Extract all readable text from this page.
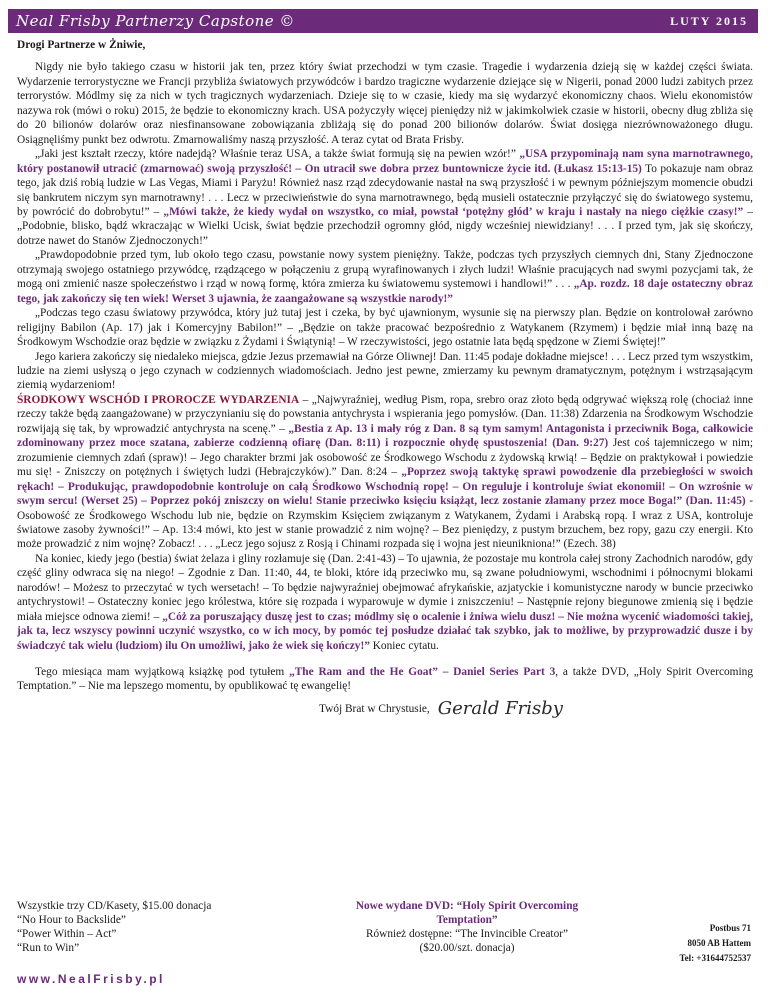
Neal Frisby Partnerzy Capstone ©	LUTY 2015

Drogi Partnerze w Żniwie,

Nigdy nie było takiego czasu w historii jak ten, przez który świat przechodzi w tym czasie. Tragedie i wydarzenia dzieją się w każdej części świata. Wydarzenie terrorystyczne we Francji przybliża światowych przywódców i bardzo tragiczne wydarzenie dziejące się w Nigerii, ponad 2000 ludzi zabitych przez terrorystów. Módlmy się za nich w tych tragicznych wydarzeniach. Dzieje się to w czasie, kiedy ma się wydarzyć ekonomiczny chaos. Wielu ekonomistów nazywa rok (mówi o roku) 2015, że będzie to ekonomiczny krach. USA pożyczyły więcej pieniędzy niż w jakimkolwiek czasie w historii, obecny dług zbliża się do 20 bilionów dolarów oraz niesfinansowane zobowiązania zbliżają się do ponad 200 bilionów dolarów. Świat dosięga niezrównoważonego długu. Osiągnęliśmy punkt bez odwrotu. Zmarnowaliśmy naszą przyszłość. A teraz cytat od Brata Frisby.

„Jaki jest kształt rzeczy, które nadejdą? Właśnie teraz USA, a także świat formują się na pewien wzór!” „USA przypominają nam syna marnotrawnego, który postanowił utracić (zmarnować) swoją przyszłość! – On utracił swe dobra przez buntownicze życie itd. (Łukasz 15:13-15) To pokazuje nam obraz tego, jak dziś robią ludzie w Las Vegas, Miami i Paryżu! Również nasz rząd zdecydowanie nastał na swą przyszłość i w pewnym późniejszym momencie obudzi się bankrutem niczym syn marnotrawny! . . . Lecz w przeciwieństwie do syna marnotrawnego, będą musieli ostatecznie przyłączyć się do światowego systemu, by powrócić do dobrobytu!” – „Mówi także, że kiedy wydał on wszystko, co miał, powstał ‘potężny głód’ w kraju i nastały na niego ciężkie czasy!” – „Podobnie, blisko, bądź wkraczając w Wielki Ucisk, świat będzie przechodził ogromny głód, nigdy wcześniej niewidziany! . . . I przed tym, jak się skończy, dotrze nawet do Stanów Zjednoczonych!”

„Prawdopodobnie przed tym, lub około tego czasu, powstanie nowy system pieniężny. Także, podczas tych przyszłych ciemnych dni, Stany Zjednoczone otrzymają swojego ostatniego przywódcę, rządzącego w połączeniu z grupą wyrafinowanych i złych ludzi! Właśnie pracujących nad swymi pozycjami tak, że mogą oni zmienić nasze społeczeństwo i rząd w nową formę, która zmierza ku światowemu systemowi i handlowi!” . . . „Ap. rozdz. 18 daje ostateczny obraz tego, jak zakończy się ten wiek! Werset 3 ujawnia, że zaangażowane są wszystkie narody!”

„Podczas tego czasu światowy przywódca, który już tutaj jest i czeka, by być ujawnionym, wysunie się na pierwszy plan. Będzie on kontrolował zarówno religijny Babilon (Ap. 17) jak i Komercyjny Babilon!” – „Będzie on także pracować bezpośrednio z Watykanem (Rzymem) i będzie miał inną bazę na Środkowym Wschodzie oraz będzie w związku z Żydami i Świątynią! – W rzeczywistości, jego ostatnie lata będą spędzone w Ziemi Świętej!”

Jego kariera zakończy się niedaleko miejsca, gdzie Jezus przemawiał na Górze Oliwnej! Dan. 11:45 podaje dokładne miejsce! . . . Lecz przed tym wszystkim, ludzie na ziemi usłyszą o jego czynach w codziennych wiadomościach. Jedno jest pewne, zmierzamy ku pewnym dramatycznym, potężnym i wstrząsającym ziemią wydarzeniom!

ŚRODKOWY WSCHÓD I PROROCZE WYDARZENIA – „Najwyraźniej, według Pism, ropa, srebro oraz złoto będą odgrywać większą rolę (chociaż inne rzeczy także będą zaangażowane) w przyczynianiu się do powstania antychrysta i wspierania jego pomysłów. (Dan. 11:38) Zdarzenia na Środkowym Wschodzie rozwijają się tak, by wprowadzić antychrysta na scenę.” – „Bestia z Ap. 13 i mały róg z Dan. 8 są tym samym! Antagonista i przeciwnik Boga, całkowicie zdominowany przez moce szatana, zabierze codzienną ofiarę (Dan. 8:11) i rozpocznie ohydę spustoszenia! (Dan. 9:27) Jest coś tajemniczego w nim; zrozumienie ciemnych zdań (spraw)! – Jego charakter brzmi jak osobowość ze Środkowego Wschodu z żydowską krwią! – Będzie on praktykował i powiedzie mu się! - Zniszczy on potężnych i świętych ludzi (Hebrajczyków).” Dan. 8:24 – „Poprzez swoją taktykę sprawi powodzenie dla przebiegłości w swoich rękach! – Produkując, prawdopodobnie kontroluje on całą Środkowo Wschodnią ropę! – On reguluje i kontroluje świat ekonomii! – On wzrośnie w swym sercu! (Werset 25) – Poprzez pokój zniszczy on wielu! Stanie przeciwko księciu książąt, lecz zostanie złamany przez moce Boga!” (Dan. 11:45) - Osobowość ze Środkowego Wschodu lub nie, będzie on Rzymskim Księciem związanym z Watykanem, Żydami i Arabską ropą. I wraz z USA, kontroluje światowe zasoby żywności!” – Ap. 13:4 mówi, kto jest w stanie prowadzić z nim wojnę? – Bez pieniędzy, z pustym brzuchem, bez ropy, gazu czy energii. Kto może prowadzić z nim wojnę? Zobacz! . . . „Lecz jego sojusz z Rosją i Chinami rozpada się i wojna jest nieunikniona!” (Ezech. 38)

Na koniec, kiedy jego (bestia) świat żelaza i gliny rozłamuje się (Dan. 2:41-43) – To ujawnia, że pozostaje mu kontrola całej strony Zachodnich narodów, gdy część gliny odwraca się na niego! – Zgodnie z Dan. 11:40, 44, te bloki, które idą przeciwko mu, są zwane południowymi, wschodnimi i północnymi blokami narodów! – Możesz to przeczytać w tych wersetach! – To będzie najwyraźniej obejmować afrykańskie, azjatyckie i komunistyczne narody w buncie przeciwko antychrystowi! – Ostateczny koniec jego królestwa, które się rozpada i wyparowuje w dymie i zniszczeniu! – Następnie rejony biegunowe zmienią się i będzie miała miejsce odnowa ziemi! – „Cóż za poruszający duszę jest to czas; módlmy się o ocalenie i żniwa wielu dusz! – Nie można wycenić wiadomości takiej, jak ta, lecz wszyscy powinni uczynić wszystko, co w ich mocy, by pomóc tej posłudze działać tak szybko, jak to możliwe, by przyprowadzić dusze i by świadczyć tak wielu (ludziom) ilu On umożliwi, jako że wiek się kończy!” Koniec cytatu.

Tego miesiąca mam wyjątkową książkę pod tytułem „The Ram and the He Goat” – Daniel Series Part 3, a także DVD, „Holy Spirit Overcoming Temptation.” – Nie ma lepszego momentu, by opublikować tę ewangelię!

Twój Brat w Chrystusie, Gerald Frisby
Wszystkie trzy CD/Kasety, $15.00 donacja
“No Hour to Backslide”
“Power Within – Act”
“Run to Win”
Nowe wydane DVD: “Holy Spirit Overcoming Temptation”
Również dostępne: “The Invincible Creator”
($20.00/szt. donacja)
Postbus 71
8050 AB Hattem
Tel: +31644752537
www.NealFrisby.pl
